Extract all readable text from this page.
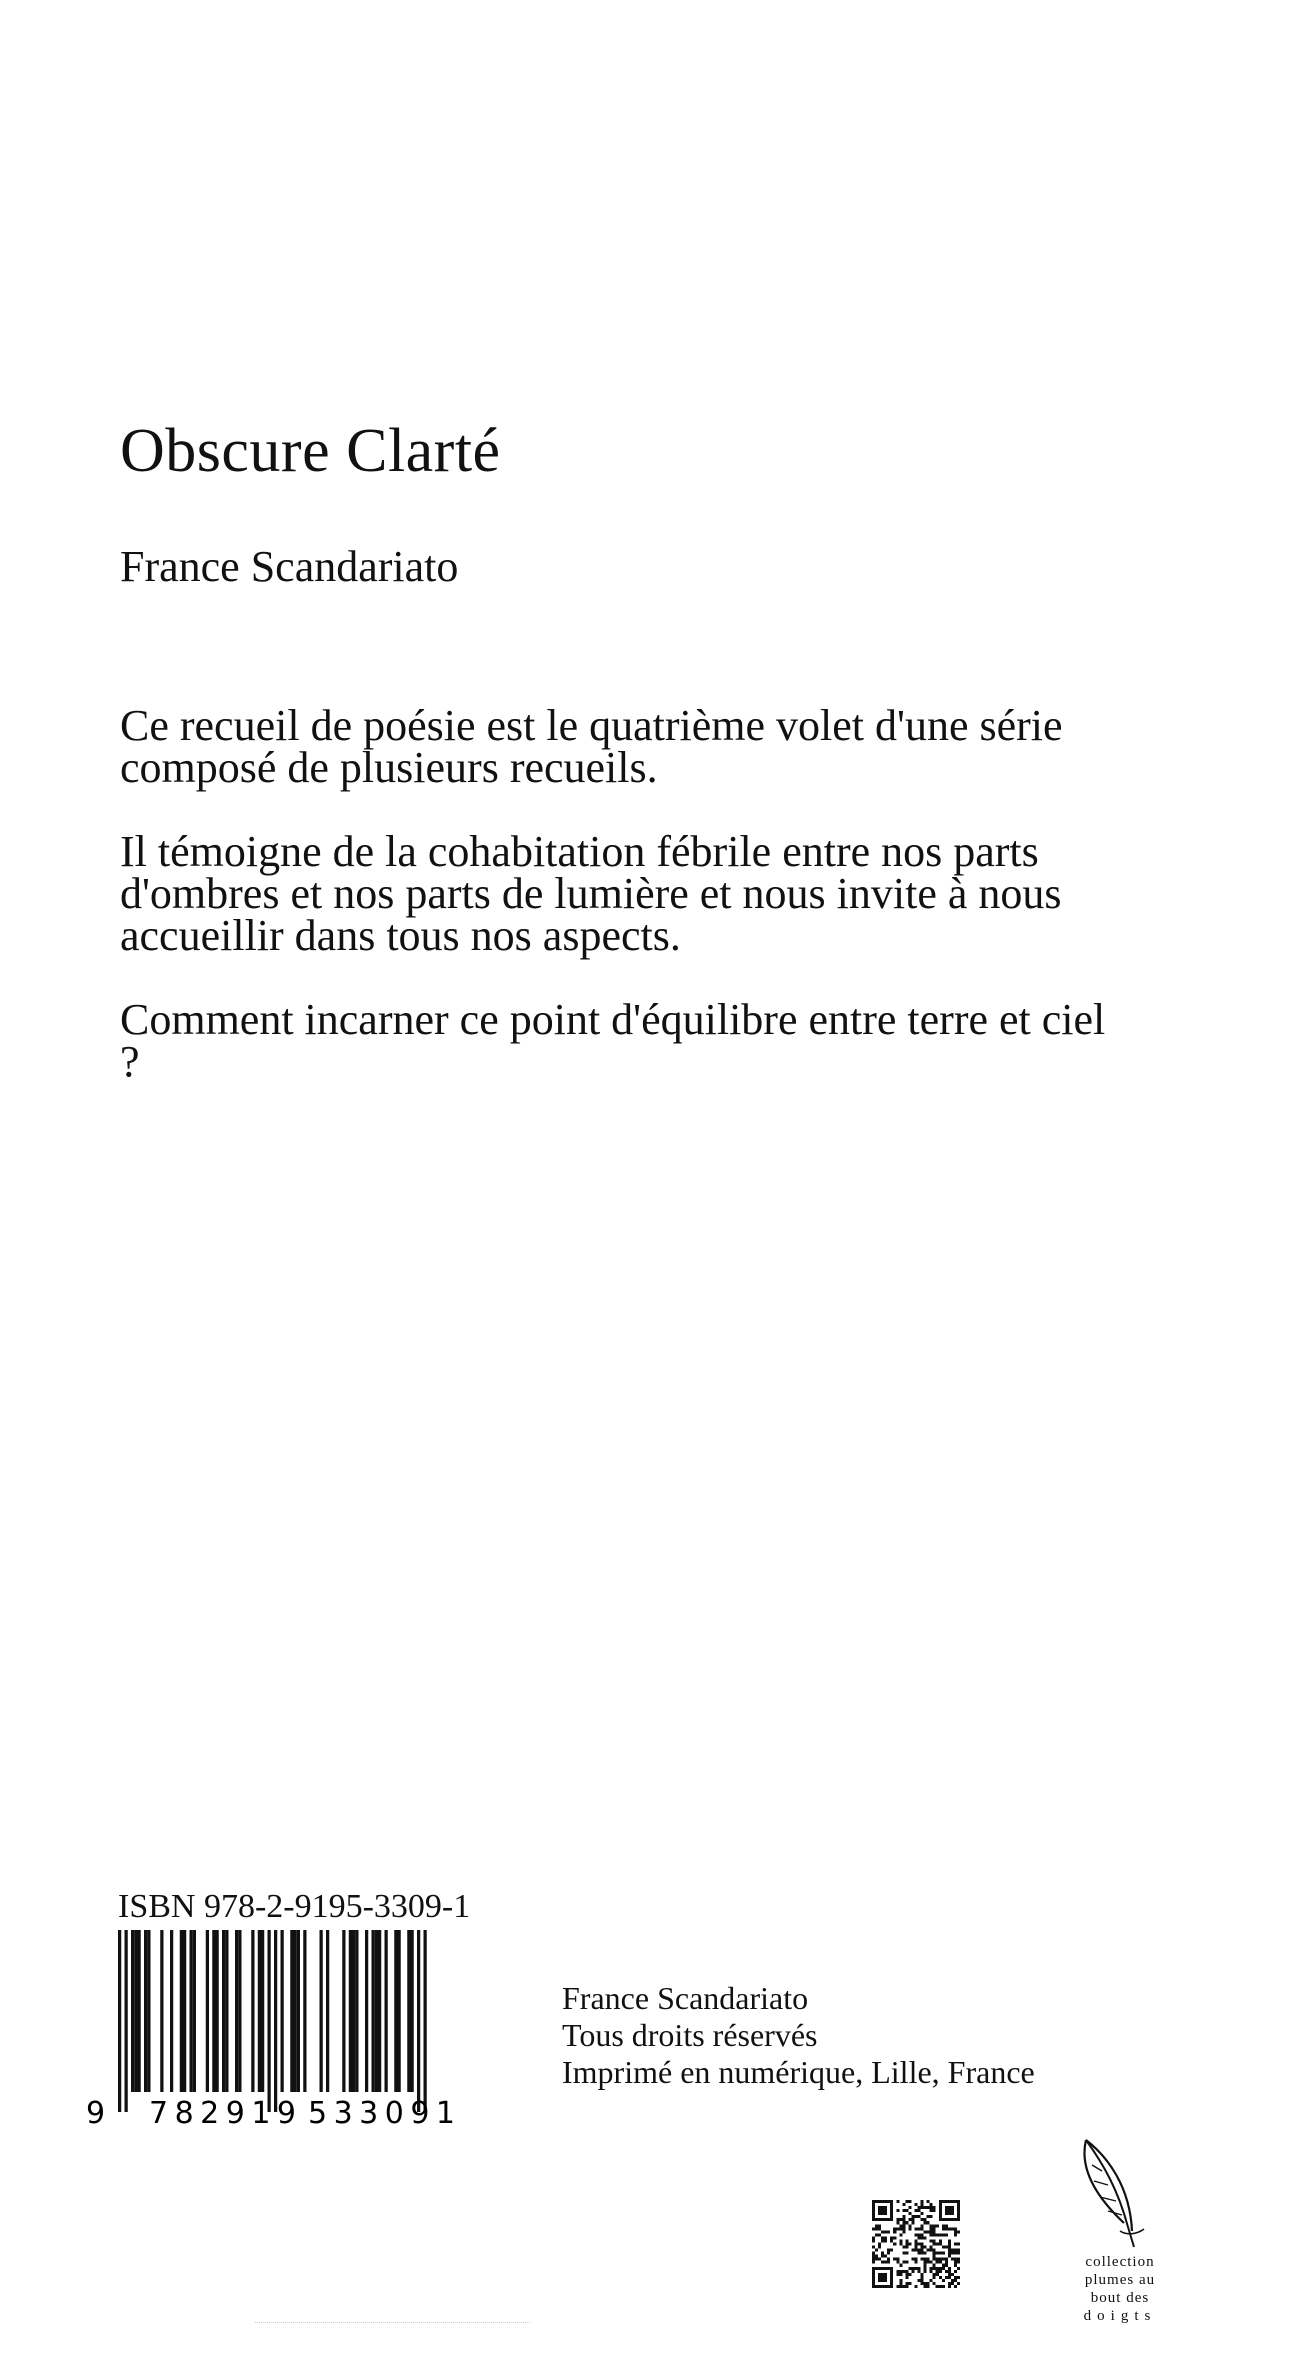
Obscure Clarté
France Scandariato

Ce recueil de poésie est le quatrième volet d'une série composé de plusieurs recueils.

Il témoigne de la cohabitation fébrile entre nos parts d'ombres et nos parts de lumière et nous invite à nous accueillir dans tous nos aspects.

Comment incarner ce point d'équilibre entre terre et ciel ?

ISBN 978-2-9195-3309-1
9 782919 533091
France Scandariato
Tous droits réservés
Imprimé en numérique, Lille, France
collection
plumes au
bout des
doigts
